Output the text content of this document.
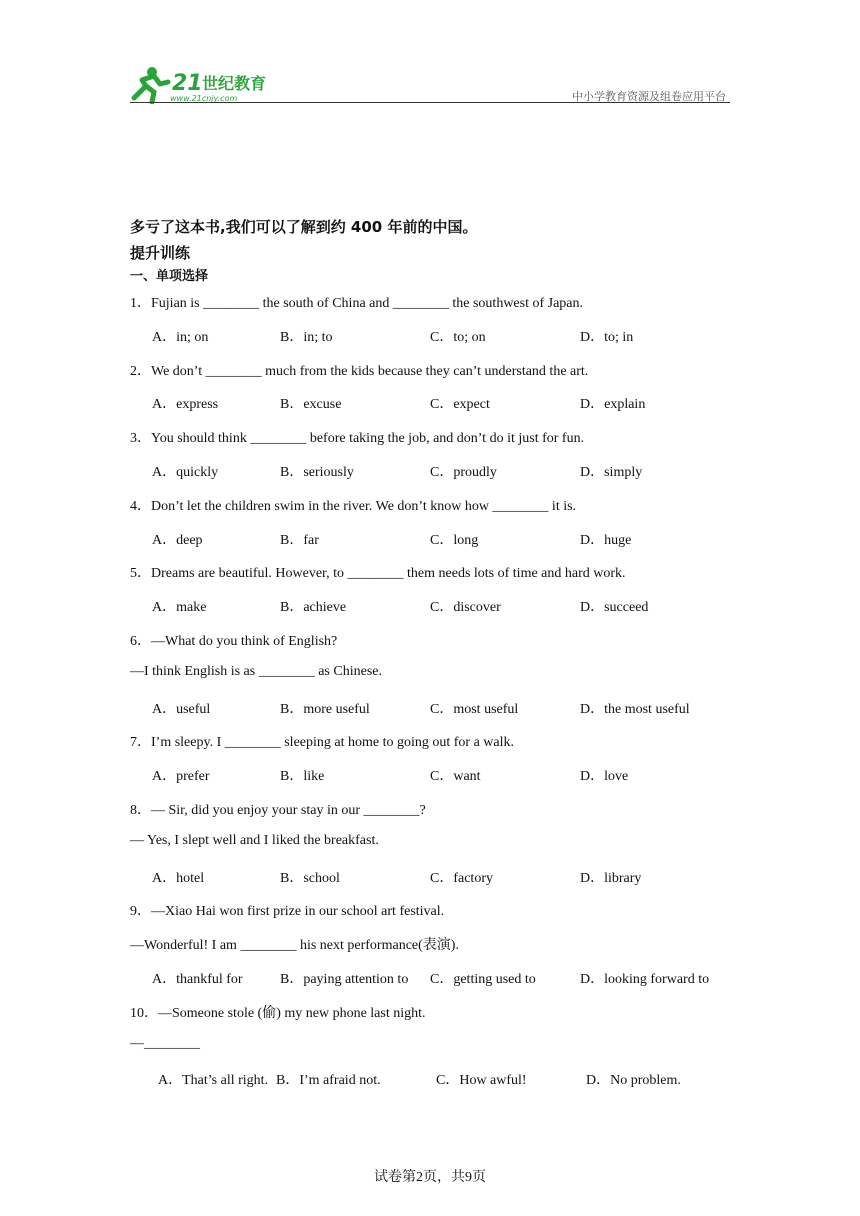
21 世纪教育
www.21cnjy.com	中小学教育资源及组卷应用平台
多亏了这本书,我们可以了解到约 400 年前的中国。
提升训练
一、单项选择
1．Fujian is ________ the south of China and ________ the southwest of Japan.
A．in; on	B．in; to	C．to; on	D．to; in
2．We don’t ________ much from the kids because they can’t understand the art.
A．express	B．excuse	C．expect	D．explain
3．You should think ________ before taking the job, and don’t do it just for fun.
A．quickly	B．seriously	C．proudly	D．simply
4．Don’t let the children swim in the river. We don’t know how ________ it is.
A．deep	B．far	C．long	D．huge
5．Dreams are beautiful. However, to ________ them needs lots of time and hard work.
A．make	B．achieve	C．discover	D．succeed
6．—What do you think of English?
—I think English is as ________ as Chinese.
A．useful	B．more useful	C．most useful	D．the most useful
7．I’m sleepy. I ________ sleeping at home to going out for a walk.
A．prefer	B．like	C．want	D．love
8．— Sir, did you enjoy your stay in our ________?
— Yes, I slept well and I liked the breakfast.
A．hotel	B．school	C．factory	D．library
9．—Xiao Hai won first prize in our school art festival.
—Wonderful! I am ________ his next performance(表演).
A．thankful for	B．paying attention to C．getting used to	D．looking forward to
10．—Someone stole (偷) my new phone last night.
—________
A．That’s all right. B．I’m afraid not.	C．How awful!	D．No problem.
试卷第2页，共9页
